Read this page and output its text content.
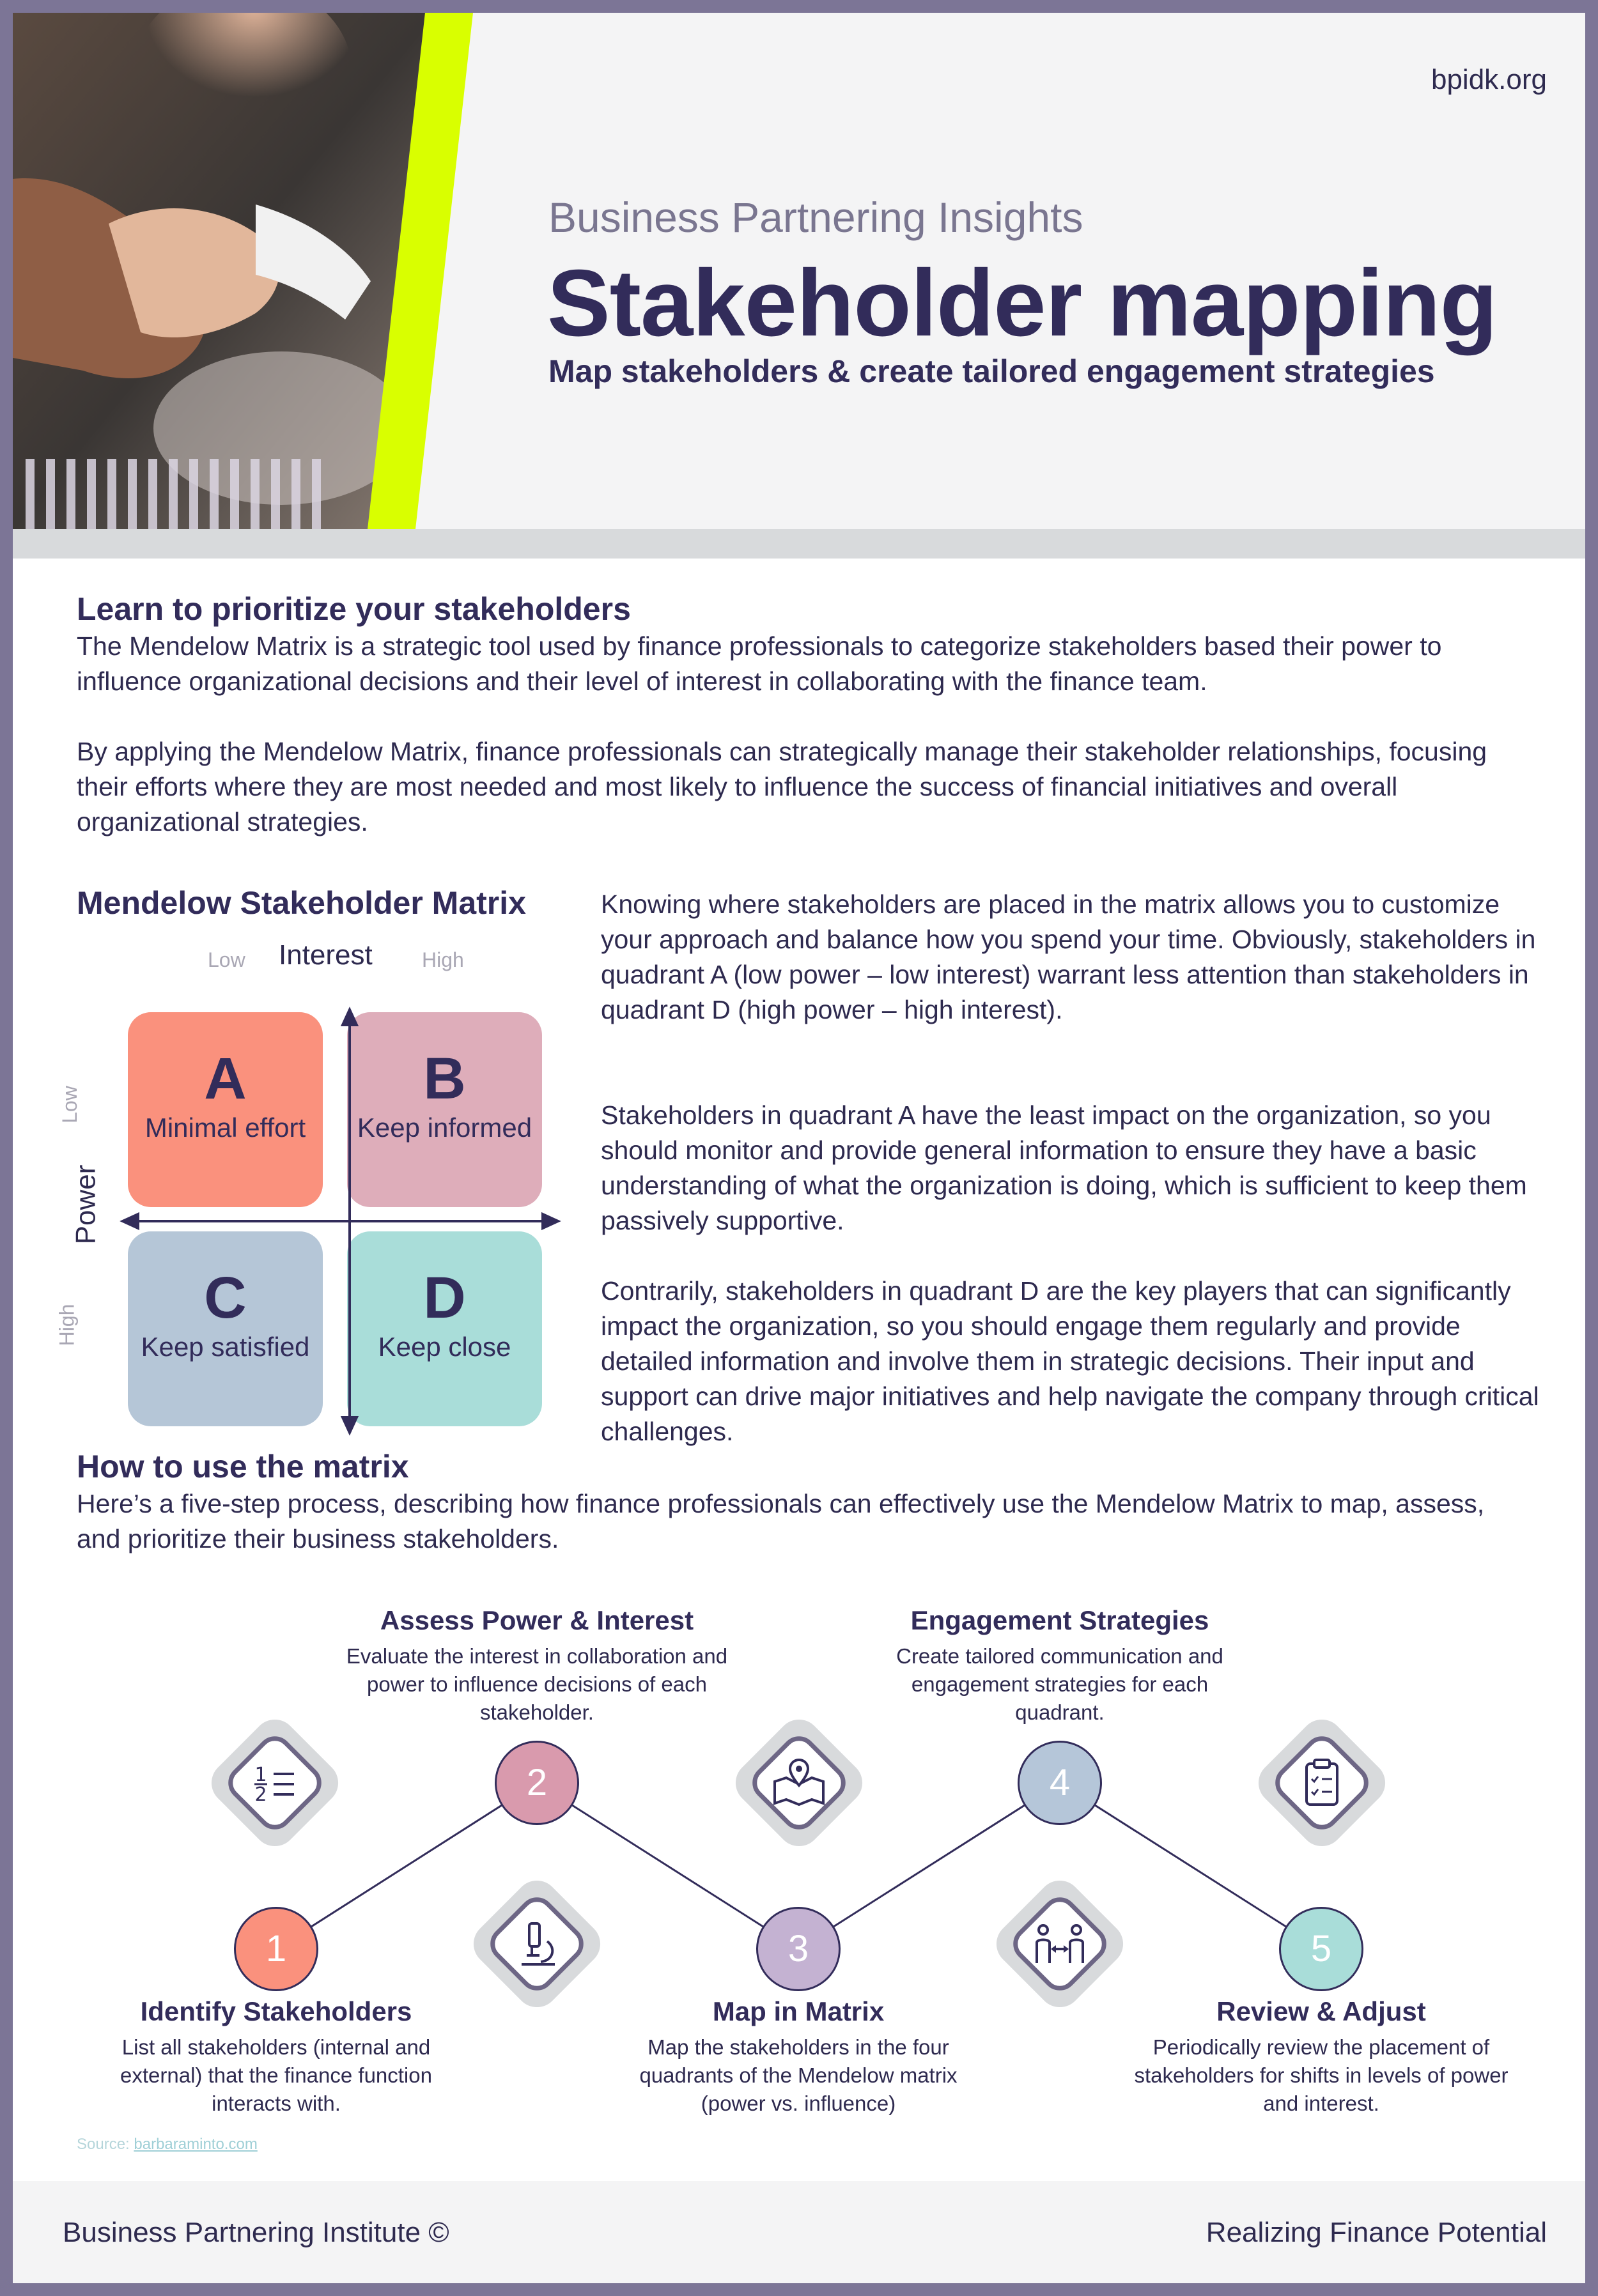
bpidk.org
Business Partnering Insights
Stakeholder mapping
Map stakeholders & create tailored engagement strategies
Learn to prioritize your stakeholders

The Mendelow Matrix is a strategic tool used by finance professionals to categorize stakeholders based their power to influence organizational decisions and their level of interest in collaborating with the finance team.

By applying the Mendelow Matrix, finance professionals can strategically manage their stakeholder relationships, focusing their efforts where they are most needed and most likely to influence the success of financial initiatives and overall organizational strategies.

Mendelow Stakeholder Matrix
Interest
Low	High
Power
Low
High
A
Minimal effort
B
Keep informed
C
Keep satisfied
D
Keep close

Knowing where stakeholders are placed in the matrix allows you to customize your approach and balance how you spend your time. Obviously, stakeholders in quadrant A (low power – low interest) warrant less attention than stakeholders in quadrant D (high power – high interest).

Stakeholders in quadrant A have the least impact on the organization, so you should monitor and provide general information to ensure they have a basic understanding of what the organization is doing, which is sufficient to keep them passively supportive.

Contrarily, stakeholders in quadrant D are the key players that can significantly impact the organization, so you should engage them regularly and provide detailed information and involve them in strategic decisions. Their input and support can drive major initiatives and help navigate the company through critical challenges.

How to use the matrix

Here’s a five-step process, describing how finance professionals can effectively use the Mendelow Matrix to map, assess, and prioritize their business stakeholders.

1
2
1
2
3
4
5
Assess Power & Interest
Evaluate the interest in collaboration and power to influence decisions of each stakeholder.
Engagement Strategies
Create tailored communication and engagement strategies for each quadrant.
Identify Stakeholders
List all stakeholders (internal and external) that the finance function interacts with.
Map in Matrix
Map the stakeholders in the four quadrants of the Mendelow matrix (power vs. influence)
Review & Adjust
Periodically review the placement of stakeholders for shifts in levels of power and interest.
Source: barbaraminto.com
Business Partnering Institute ©	Realizing Finance Potential
